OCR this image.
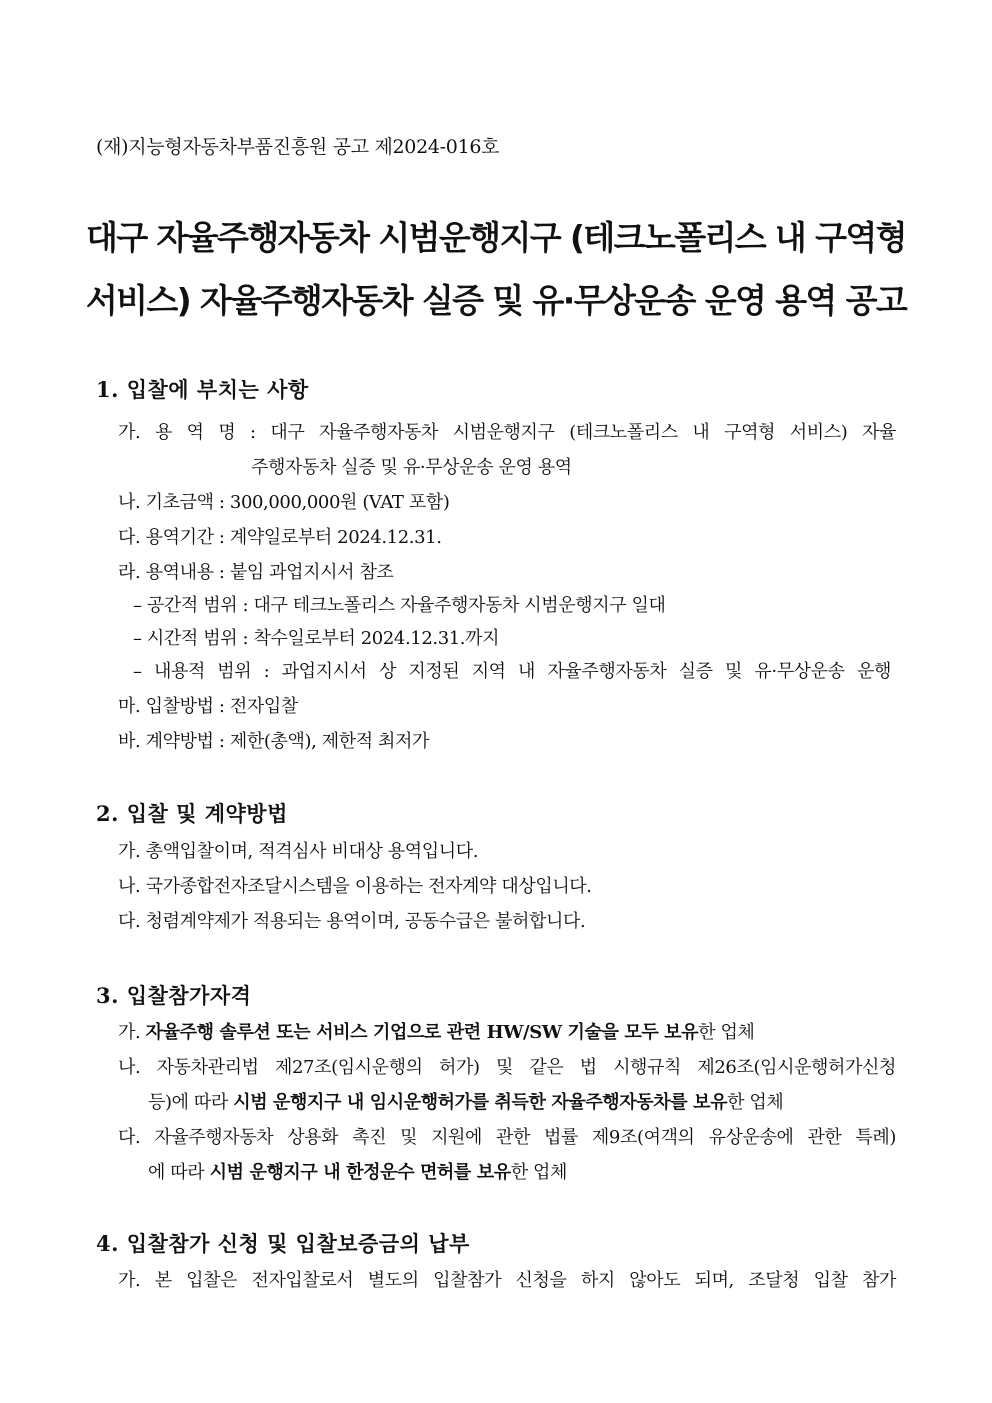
(재)지능형자동차부품진흥원 공고 제2024-016호
대구 자율주행자동차 시범운행지구 (테크노폴리스 내 구역형
서비스) 자율주행자동차 실증 및 유·무상운송 운영 용역 공고
1. 입찰에 부치는 사항
가. 용 역 명 : 대구 자율주행자동차 시범운행지구 (테크노폴리스 내 구역형 서비스) 자율
주행자동차 실증 및 유·무상운송 운영 용역
나. 기초금액 : 300,000,000원 (VAT 포함)
다. 용역기간 : 계약일로부터 2024.12.31.
라. 용역내용 : 붙임 과업지시서 참조
– 공간적 범위 : 대구 테크노폴리스 자율주행자동차 시범운행지구 일대
– 시간적 범위 : 착수일로부터 2024.12.31.까지
– 내용적 범위 : 과업지시서 상 지정된 지역 내 자율주행자동차 실증 및 유·무상운송 운행
마. 입찰방법 : 전자입찰
바. 계약방법 : 제한(총액), 제한적 최저가
2. 입찰 및 계약방법
가. 총액입찰이며, 적격심사 비대상 용역입니다.
나. 국가종합전자조달시스템을 이용하는 전자계약 대상입니다.
다. 청렴계약제가 적용되는 용역이며, 공동수급은 불허합니다.
3. 입찰참가자격
가. 자율주행 솔루션 또는 서비스 기업으로 관련 HW/SW 기술을 모두 보유한 업체
나. 자동차관리법 제27조(임시운행의 허가) 및 같은 법 시행규칙 제26조(임시운행허가신청
등)에 따라 시범 운행지구 내 임시운행허가를 취득한 자율주행자동차를 보유한 업체
다. 자율주행자동차 상용화 촉진 및 지원에 관한 법률 제9조(여객의 유상운송에 관한 특례)
에 따라 시범 운행지구 내 한정운수 면허를 보유한 업체
4. 입찰참가 신청 및 입찰보증금의 납부
가. 본 입찰은 전자입찰로서 별도의 입찰참가 신청을 하지 않아도 되며, 조달청 입찰 참가
